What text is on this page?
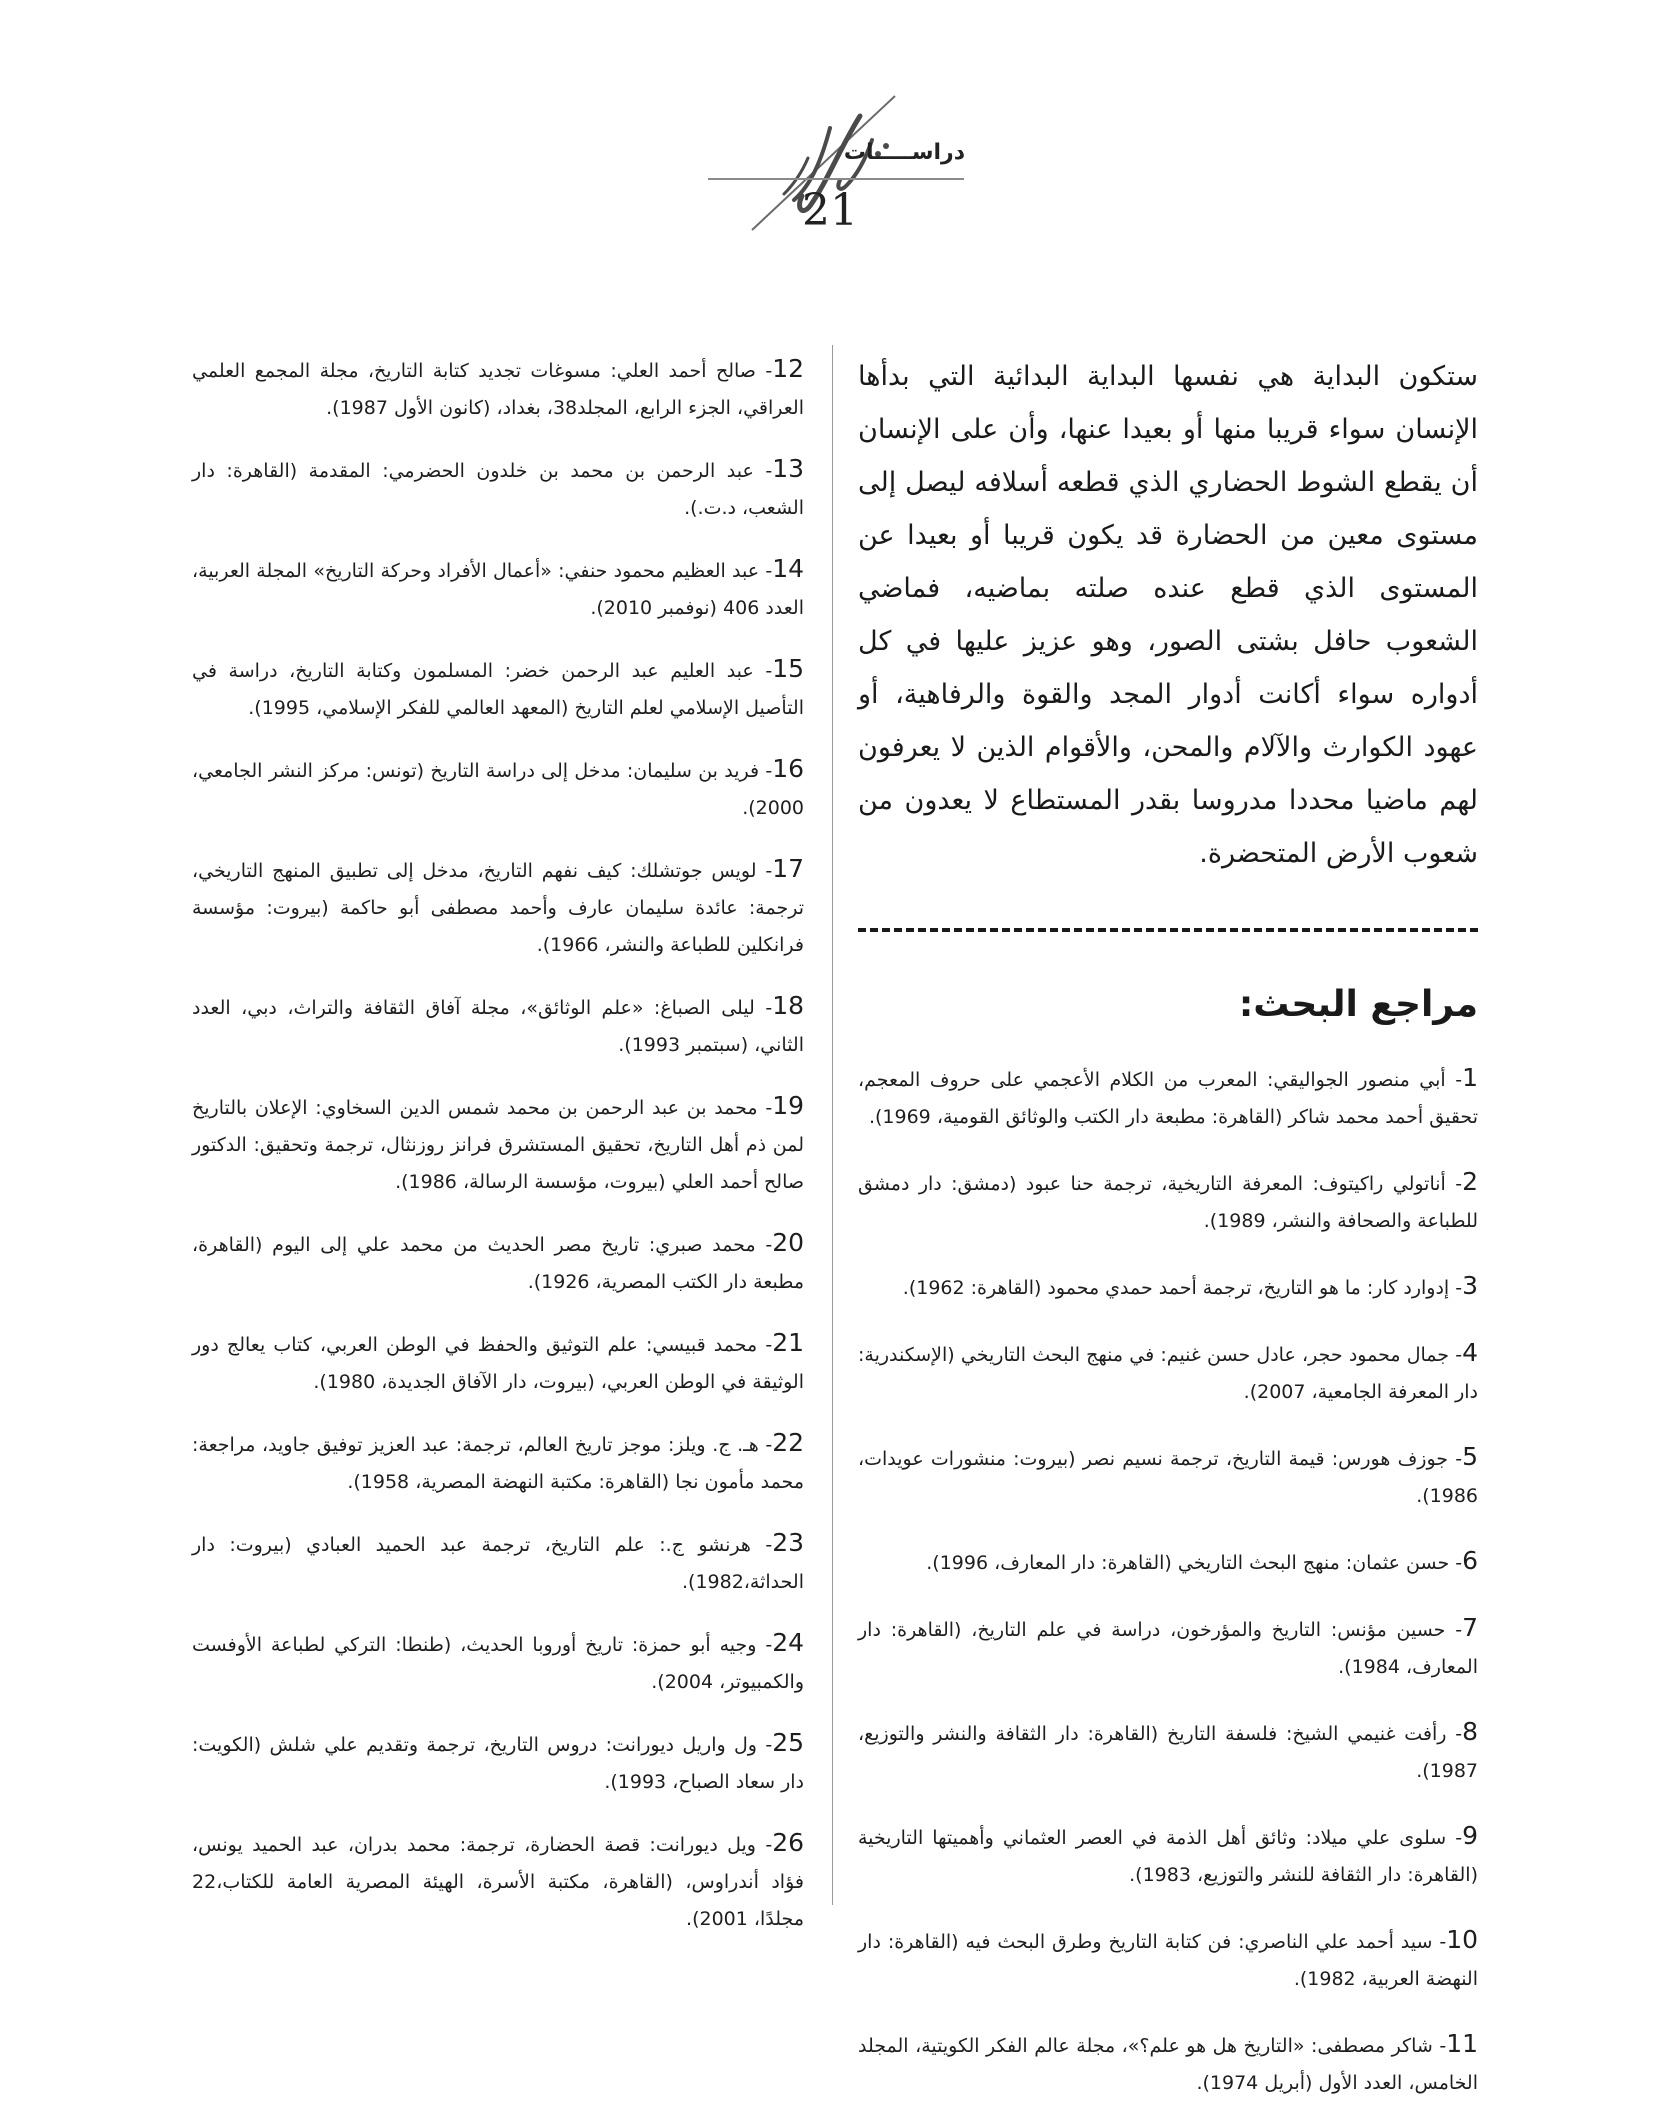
دراســـــات
21

ستكون البداية هي نفسها البداية البدائية التي بدأها الإنسان سواء قريبا منها أو بعيدا عنها، وأن على الإنسان أن يقطع الشوط الحضاري الذي قطعه أسلافه ليصل إلى مستوى معين من الحضارة قد يكون قريبا أو بعيدا عن المستوى الذي قطع عنده صلته بماضيه، فماضي الشعوب حافل بشتى الصور، وهو عزيز عليها في كل أدواره سواء أكانت أدوار المجد والقوة والرفاهية، أو عهود الكوارث والآلام والمحن، والأقوام الذين لا يعرفون لهم ماضيا محددا مدروسا بقدر المستطاع لا يعدون من شعوب الأرض المتحضرة.

مراجع البحث:
1- أبي منصور الجواليقي: المعرب من الكلام الأعجمي على حروف المعجم، تحقيق أحمد محمد شاكر (القاهرة: مطبعة دار الكتب والوثائق القومية، 1969).
2- أناتولي راكيتوف: المعرفة التاريخية، ترجمة حنا عبود (دمشق: دار دمشق للطباعة والصحافة والنشر، 1989).
3- إدوارد كار: ما هو التاريخ، ترجمة أحمد حمدي محمود (القاهرة: 1962).
4- جمال محمود حجر، عادل حسن غنيم: في منهج البحث التاريخي (الإسكندرية: دار المعرفة الجامعية، 2007).
5- جوزف هورس: قيمة التاريخ، ترجمة نسيم نصر (بيروت: منشورات عويدات، 1986).
6- حسن عثمان: منهج البحث التاريخي (القاهرة: دار المعارف، 1996).
7- حسين مؤنس: التاريخ والمؤرخون، دراسة في علم التاريخ، (القاهرة: دار المعارف، 1984).
8- رأفت غنيمي الشيخ: فلسفة التاريخ (القاهرة: دار الثقافة والنشر والتوزيع، 1987).
9- سلوى علي ميلاد: وثائق أهل الذمة في العصر العثماني وأهميتها التاريخية (القاهرة: دار الثقافة للنشر والتوزيع، 1983).
10- سيد أحمد علي الناصري: فن كتابة التاريخ وطرق البحث فيه (القاهرة: دار النهضة العربية، 1982).
11- شاكر مصطفى: «التاريخ هل هو علم؟»، مجلة عالم الفكر الكويتية، المجلد الخامس، العدد الأول (أبريل 1974).
12- صالح أحمد العلي: مسوغات تجديد كتابة التاريخ، مجلة المجمع العلمي العراقي، الجزء الرابع، المجلد38، بغداد، (كانون الأول 1987).
13- عبد الرحمن بن محمد بن خلدون الحضرمي: المقدمة (القاهرة: دار الشعب، د.ت.).
14- عبد العظيم محمود حنفي: «أعمال الأفراد وحركة التاريخ» المجلة العربية، العدد 406 (نوفمبر 2010).
15- عبد العليم عبد الرحمن خضر: المسلمون وكتابة التاريخ، دراسة في التأصيل الإسلامي لعلم التاريخ (المعهد العالمي للفكر الإسلامي، 1995).
16- فريد بن سليمان: مدخل إلى دراسة التاريخ (تونس: مركز النشر الجامعي، 2000).
17- لويس جوتشلك: كيف نفهم التاريخ، مدخل إلى تطبيق المنهج التاريخي، ترجمة: عائدة سليمان عارف وأحمد مصطفى أبو حاكمة (بيروت: مؤسسة فرانكلين للطباعة والنشر، 1966).
18- ليلى الصباغ: «علم الوثائق»، مجلة آفاق الثقافة والتراث، دبي، العدد الثاني، (سبتمبر 1993).
19- محمد بن عبد الرحمن بن محمد شمس الدين السخاوي: الإعلان بالتاريخ لمن ذم أهل التاريخ، تحقيق المستشرق فرانز روزنثال، ترجمة وتحقيق: الدكتور صالح أحمد العلي (بيروت، مؤسسة الرسالة، 1986).
20- محمد صبري: تاريخ مصر الحديث من محمد علي إلى اليوم (القاهرة، مطبعة دار الكتب المصرية، 1926).
21- محمد قبيسي: علم التوثيق والحفظ في الوطن العربي، كتاب يعالج دور الوثيقة في الوطن العربي، (بيروت، دار الآفاق الجديدة، 1980).
22- هـ. ج. ويلز: موجز تاريخ العالم، ترجمة: عبد العزيز توفيق جاويد، مراجعة: محمد مأمون نجا (القاهرة: مكتبة النهضة المصرية، 1958).
23- هرنشو ج.: علم التاريخ، ترجمة عبد الحميد العبادي (بيروت: دار الحداثة،1982).
24- وجيه أبو حمزة: تاريخ أوروبا الحديث، (طنطا: التركي لطباعة الأوفست والكمبيوتر، 2004).
25- ول واريل ديورانت: دروس التاريخ، ترجمة وتقديم علي شلش (الكويت: دار سعاد الصباح، 1993).
26- ويل ديورانت: قصة الحضارة، ترجمة: محمد بدران، عبد الحميد يونس، فؤاد أندراوس، (القاهرة، مكتبة الأسرة، الهيئة المصرية العامة للكتاب،22 مجلدًا، 2001).
